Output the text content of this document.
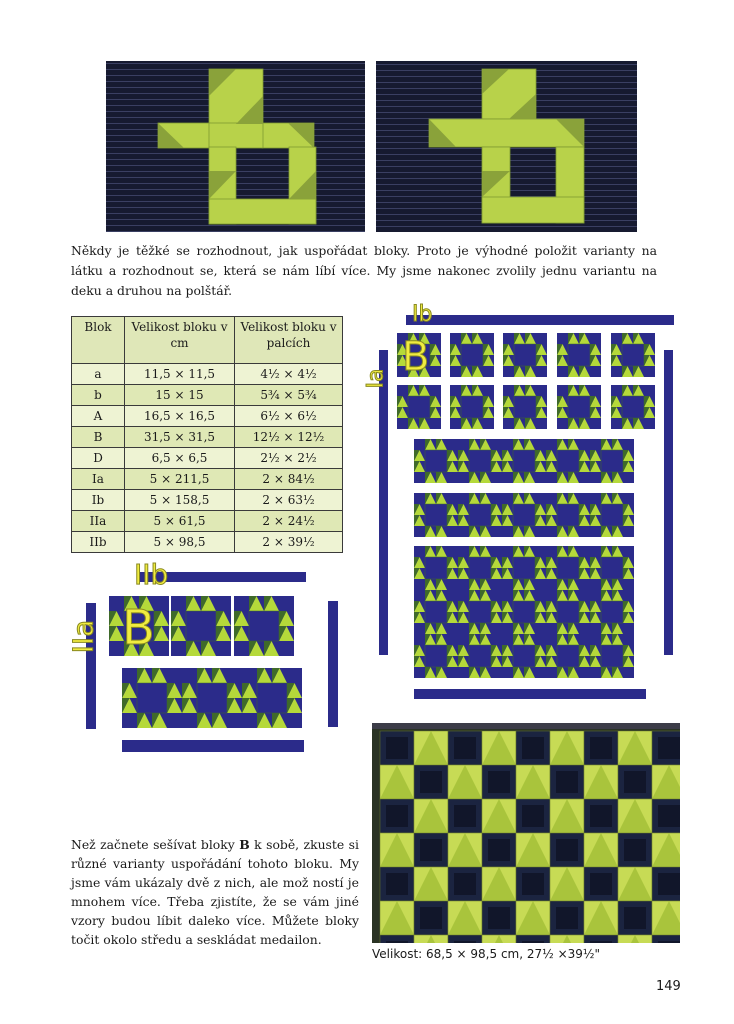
Někdy je těžké se rozhodnout, jak uspořádat bloky. Proto je výhodné položit varianty na látku a rozhodnout se, která se nám líbí více. My jsme nakonec zvolily jednu variantu na deku a druhou na polštář.
Blok	Velikost bloku v cm	Velikost bloku v palcích
a	11,5 × 11,5	4½ × 4½
b	15 × 15	5¾ × 5¾
A	16,5 × 16,5	6½ × 6½
B	31,5 × 31,5	12½ × 12½
D	6,5 × 6,5	2½ × 2½
Ia	5 × 211,5	2 × 84½
Ib	5 × 158,5	2 × 63½
IIa	5 × 61,5	2 × 24½
IIb	5 × 98,5	2 × 39½
Ib
Ia B
IIb
IIa B
Než začnete sešívat bloky B k sobě, zkuste si různé varianty uspořádání tohoto bloku. My jsme vám ukázaly dvě z nich, ale mož ností je mnohem více. Třeba zjistíte, že se vám jiné vzory budou líbit daleko více. Můžete bloky točit okolo středu a seskládat medailon.
Velikost: 68,5 × 98,5 cm, 27½ ×39½"
149
